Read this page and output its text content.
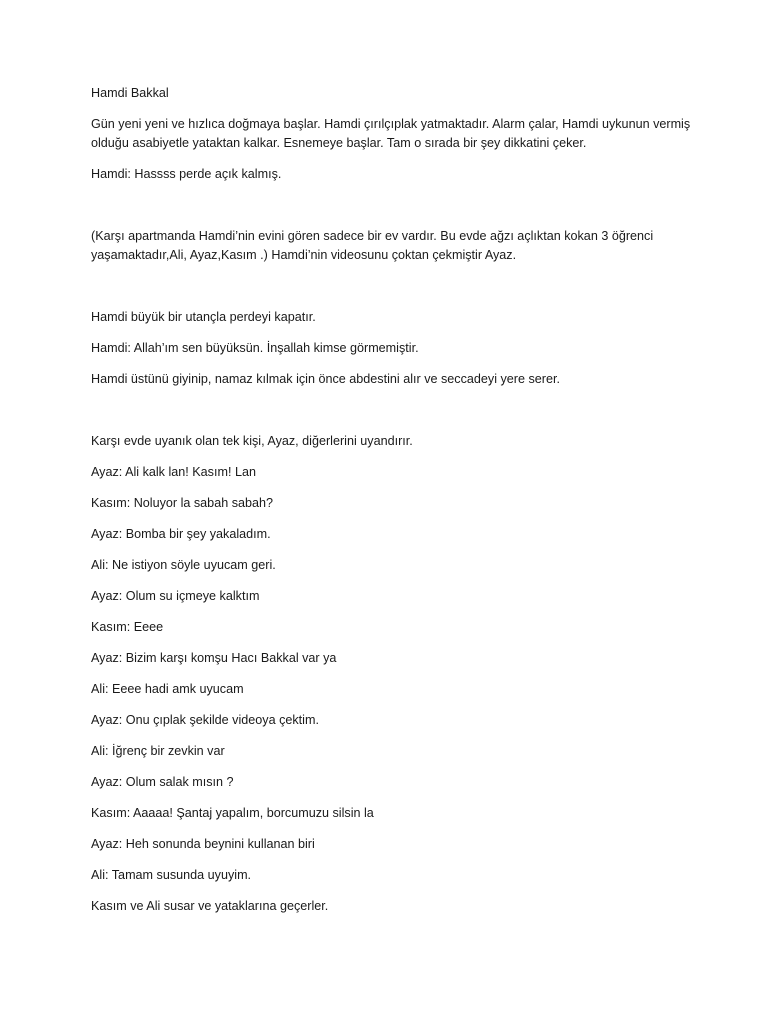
Hamdi Bakkal

Gün yeni yeni ve hızlıca doğmaya başlar. Hamdi çırılçıplak yatmaktadır. Alarm çalar, Hamdi uykunun vermiş olduğu asabiyetle yataktan kalkar. Esnemeye başlar. Tam o sırada bir şey dikkatini çeker.

Hamdi: Hassss perde açık kalmış.

(Karşı apartmanda Hamdi’nin evini gören sadece bir ev vardır. Bu evde ağzı açlıktan kokan 3 öğrenci yaşamaktadır,Ali, Ayaz,Kasım .) Hamdi’nin videosunu çoktan çekmiştir Ayaz.

Hamdi büyük bir utançla perdeyi kapatır.

Hamdi: Allah’ım sen büyüksün. İnşallah kimse görmemiştir.

Hamdi üstünü giyinip, namaz kılmak için önce abdestini alır ve seccadeyi yere serer.

Karşı evde uyanık olan tek kişi, Ayaz, diğerlerini uyandırır.

Ayaz: Ali kalk lan! Kasım! Lan

Kasım: Noluyor la sabah sabah?

Ayaz: Bomba bir şey yakaladım.

Ali: Ne istiyon söyle uyucam geri.

Ayaz: Olum su içmeye kalktım

Kasım: Eeee

Ayaz: Bizim karşı komşu Hacı Bakkal var ya

Ali: Eeee hadi amk uyucam

Ayaz: Onu çıplak şekilde videoya çektim.

Ali: İğrenç bir zevkin var

Ayaz: Olum salak mısın ?

Kasım: Aaaaa! Şantaj yapalım, borcumuzu silsin la

Ayaz: Heh sonunda beynini kullanan biri

Ali: Tamam susunda uyuyim.

Kasım ve Ali susar ve yataklarına geçerler.
